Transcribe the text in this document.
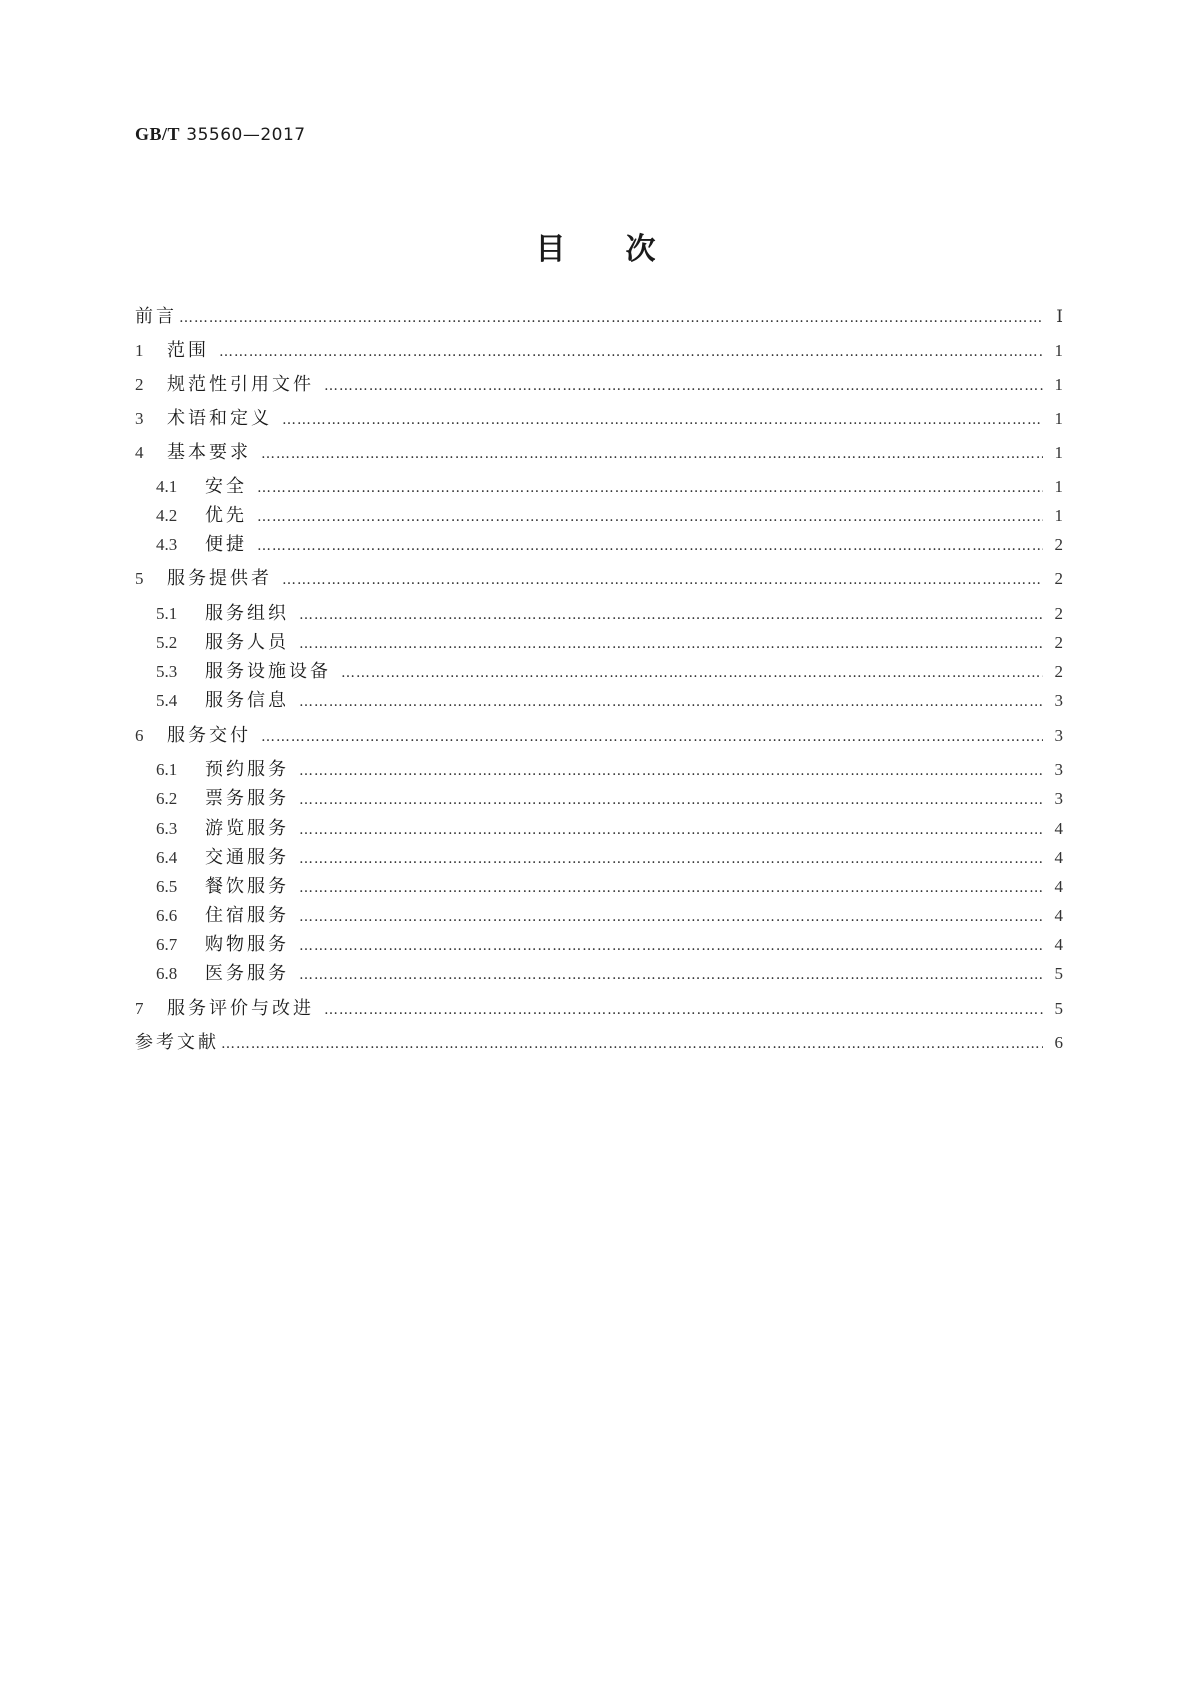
GB/T 35560—2017
目 次
前言 …………………………………………………………………………………………………………………………………………………………………………………………………………………………………………	Ⅰ
1	范围 …………………………………………………………………………………………………………………………………………………………………………………………………………………………………………	1
2	规范性引用文件 …………………………………………………………………………………………………………………………………………………………………………………………………………………………………………	1
3	术语和定义 …………………………………………………………………………………………………………………………………………………………………………………………………………………………………………	1
4	基本要求 …………………………………………………………………………………………………………………………………………………………………………………………………………………………………………	1
4.1	安全 …………………………………………………………………………………………………………………………………………………………………………………………………………………………………………	1
4.2	优先 …………………………………………………………………………………………………………………………………………………………………………………………………………………………………………	1
4.3	便捷 …………………………………………………………………………………………………………………………………………………………………………………………………………………………………………	2
5	服务提供者 …………………………………………………………………………………………………………………………………………………………………………………………………………………………………………	2
5.1	服务组织 …………………………………………………………………………………………………………………………………………………………………………………………………………………………………………	2
5.2	服务人员 …………………………………………………………………………………………………………………………………………………………………………………………………………………………………………	2
5.3	服务设施设备 …………………………………………………………………………………………………………………………………………………………………………………………………………………………………………	2
5.4	服务信息 …………………………………………………………………………………………………………………………………………………………………………………………………………………………………………	3
6	服务交付 …………………………………………………………………………………………………………………………………………………………………………………………………………………………………………	3
6.1	预约服务 …………………………………………………………………………………………………………………………………………………………………………………………………………………………………………	3
6.2	票务服务 …………………………………………………………………………………………………………………………………………………………………………………………………………………………………………	3
6.3	游览服务 …………………………………………………………………………………………………………………………………………………………………………………………………………………………………………	4
6.4	交通服务 …………………………………………………………………………………………………………………………………………………………………………………………………………………………………………	4
6.5	餐饮服务 …………………………………………………………………………………………………………………………………………………………………………………………………………………………………………	4
6.6	住宿服务 …………………………………………………………………………………………………………………………………………………………………………………………………………………………………………	4
6.7	购物服务 …………………………………………………………………………………………………………………………………………………………………………………………………………………………………………	4
6.8	医务服务 …………………………………………………………………………………………………………………………………………………………………………………………………………………………………………	5
7	服务评价与改进 …………………………………………………………………………………………………………………………………………………………………………………………………………………………………………	5
参考文献 …………………………………………………………………………………………………………………………………………………………………………………………………………………………………………	6
